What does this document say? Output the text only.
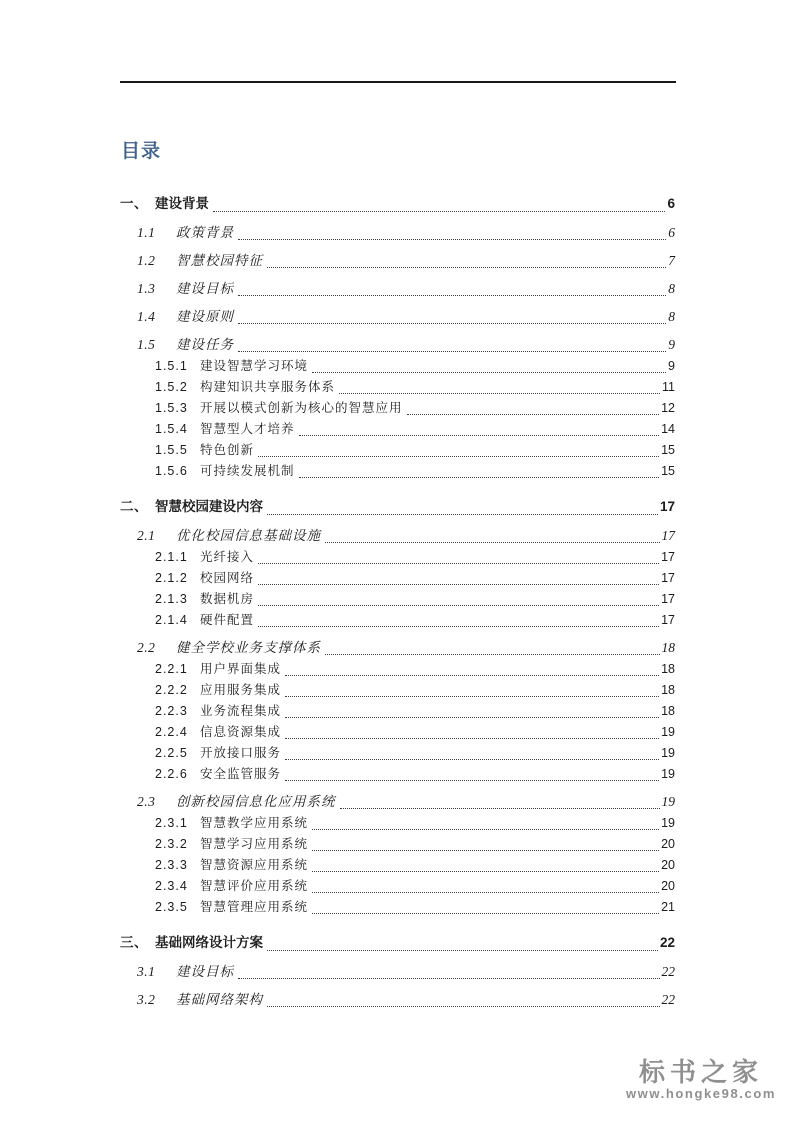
目录
一、 建设背景	6
1.1	政策背景	6
1.2	智慧校园特征	7
1.3	建设目标	8
1.4	建设原则	8
1.5	建设任务	9
1.5.1 建设智慧学习环境	9
1.5.2 构建知识共享服务体系	11
1.5.3 开展以模式创新为核心的智慧应用	12
1.5.4 智慧型人才培养	14
1.5.5 特色创新	15
1.5.6 可持续发展机制	15
二、 智慧校园建设内容	17
2.1	优化校园信息基础设施	17
2.1.1 光纤接入	17
2.1.2 校园网络	17
2.1.3 数据机房	17
2.1.4 硬件配置	17
2.2	健全学校业务支撑体系	18
2.2.1 用户界面集成	18
2.2.2 应用服务集成	18
2.2.3 业务流程集成	18
2.2.4 信息资源集成	19
2.2.5 开放接口服务	19
2.2.6 安全监管服务	19
2.3	创新校园信息化应用系统	19
2.3.1 智慧教学应用系统	19
2.3.2 智慧学习应用系统	20
2.3.3 智慧资源应用系统	20
2.3.4 智慧评价应用系统	20
2.3.5 智慧管理应用系统	21
三、 基础网络设计方案	22
3.1	建设目标	22
3.2	基础网络架构	22
标书之家
www.hongke98.com
